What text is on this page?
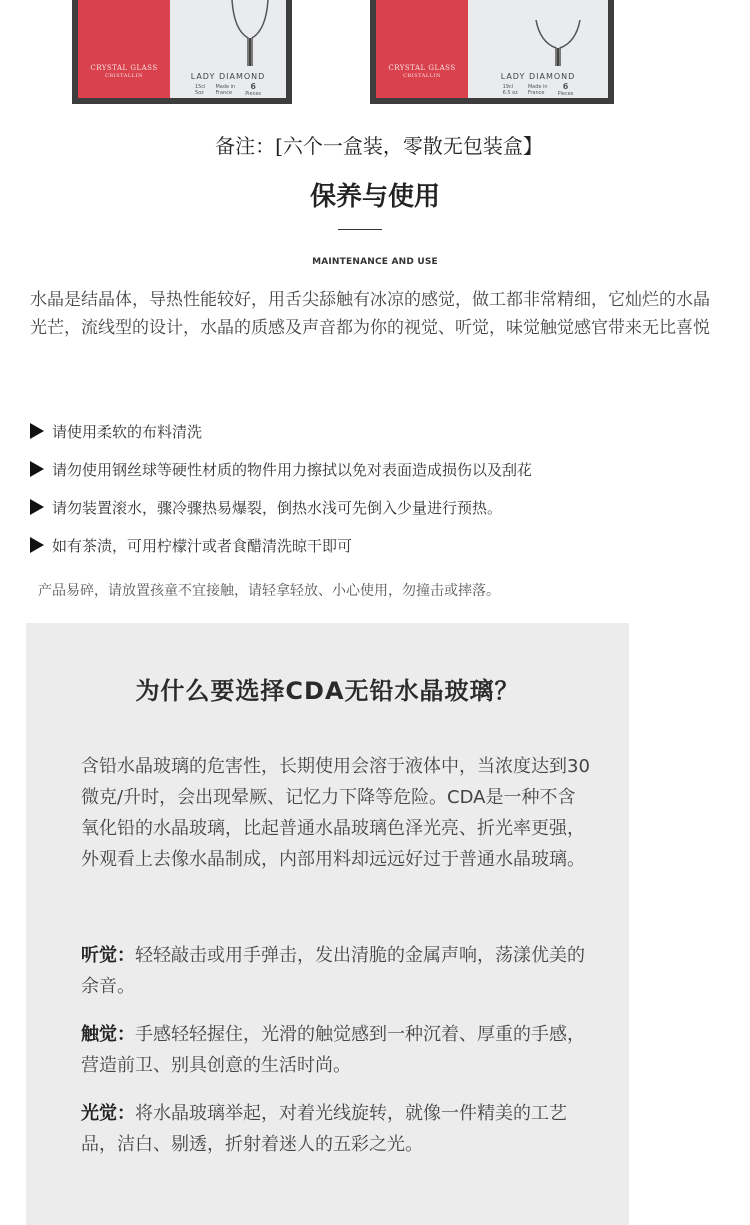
CRYSTAL GLASS
CRISTALLIN	LADY DIAMOND
15cl
5oz
Made in
France
6
Pieces
CRYSTAL GLASS
CRISTALLIN	LADY DIAMOND
19cl
6.5 oz
Made in
France
6
Pieces
备注：[六个一盒装，零散无包装盒】
保养与使用
MAINTENANCE AND USE

水晶是结晶体，导热性能较好，用舌尖舔触有冰凉的感觉，做工都非常精细，它灿烂的水晶光芒，流线型的设计，水晶的质感及声音都为你的视觉、听觉，味觉触觉感官带来无比喜悦

请使用柔软的布料清洗
请勿使用钢丝球等硬性材质的物件用力擦拭以免对表面造成损伤以及刮花
请勿装置滚水，骤冷骤热易爆裂，倒热水浅可先倒入少量进行预热。
如有茶渍，可用柠檬汁或者食醋清洗晾干即可
产品易碎，请放置孩童不宜接触，请轻拿轻放、小心使用，勿撞击或摔落。
为什么要选择CDA无铅水晶玻璃？

含铅水晶玻璃的危害性，长期使用会溶于液体中，当浓度达到30微克/升时，会出现晕厥、记忆力下降等危险。CDA是一种不含氧化铅的水晶玻璃，比起普通水晶玻璃色泽光亮、折光率更强，外观看上去像水晶制成，内部用料却远远好过于普通水晶玻璃。

听觉：轻轻敲击或用手弹击，发出清脆的金属声响，荡漾优美的余音。

触觉：手感轻轻握住，光滑的触觉感到一种沉着、厚重的手感，营造前卫、别具创意的生活时尚。

光觉：将水晶玻璃举起，对着光线旋转，就像一件精美的工艺品，洁白、剔透，折射着迷人的五彩之光。
